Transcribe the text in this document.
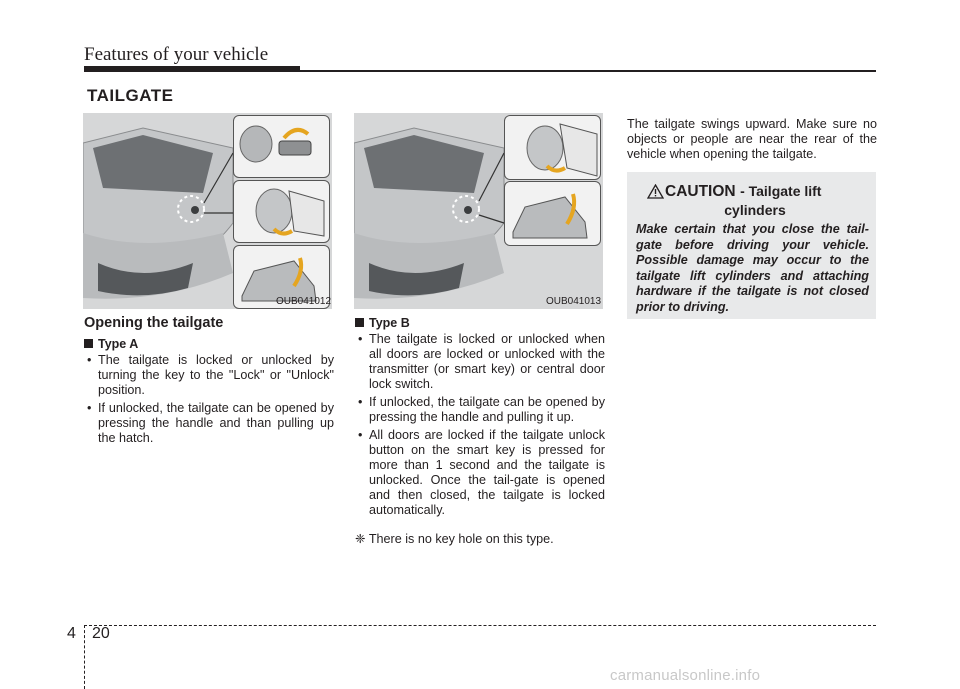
Features of your vehicle
TAILGATE
OUB041012	OUB041013
Opening the tailgate
Type A
• The tailgate is locked or unlocked by turning the key to the "Lock" or "Unlock" position.
• If unlocked, the tailgate can be opened by pressing the handle and than pulling up the hatch.
Type B
• The tailgate is locked or unlocked when all doors are locked or unlocked with the transmitter (or smart key) or central door lock switch.
• If unlocked, the tailgate can be opened by pressing the handle and pulling it up.
• All doors are locked if the tailgate unlock button on the smart key is pressed for more than 1 second and the tailgate is unlocked. Once the tail-gate is opened and then closed, the tailgate is locked automatically.
❈ There is no key hole on this type.
The tailgate swings upward. Make sure no objects or people are near the rear of the vehicle when opening the tailgate.
CAUTION - Tailgate lift
cylinders
Make certain that you close the tail-gate before driving your vehicle. Possible damage may occur to the tailgate lift cylinders and attaching hardware if the tailgate is not closed prior to driving.
4 20
carmanualsonline.info
